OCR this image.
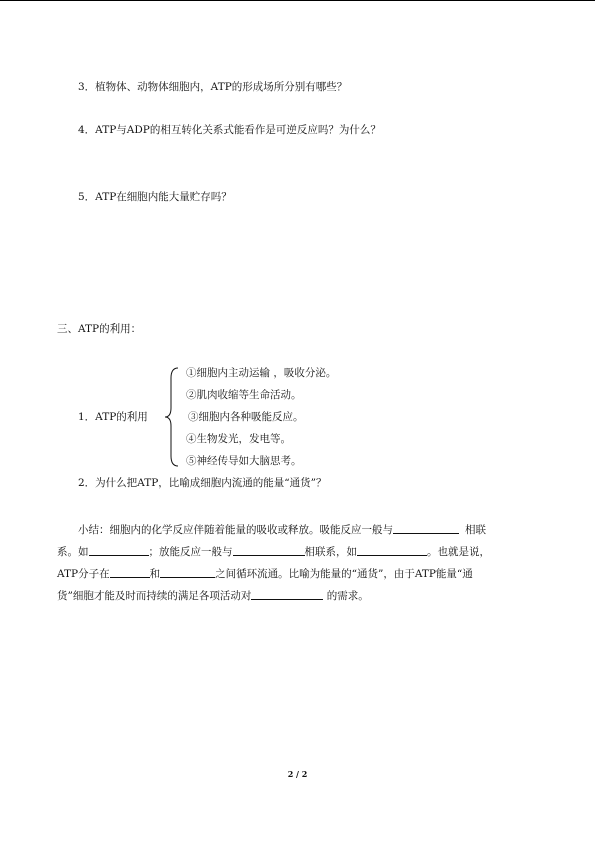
3．植物体、动物体细胞内，ATP的形成场所分别有哪些？
4．ATP与ADP的相互转化关系式能看作是可逆反应吗？为什么？
5．ATP在细胞内能大量贮存吗？
三、ATP的利用：
①细胞内主动运输 ，吸收分泌。
②肌肉收缩等生命活动。
1．ATP的利用	③细胞内各种吸能反应。
④生物发光，发电等。
⑤神经传导如大脑思考。
2．为什么把ATP，比喻成细胞内流通的能量“通货”？
小结：细胞内的化学反应伴随着能量的吸收或释放。吸能反应一般与	相联
系。如	；放能反应一般与	相联系，如	。也就是说，
ATP分子在	和	之间循环流通。比喻为能量的“通货”，由于ATP能量“通
货”细胞才能及时而持续的满足各项活动对	的需求。
2 / 2
